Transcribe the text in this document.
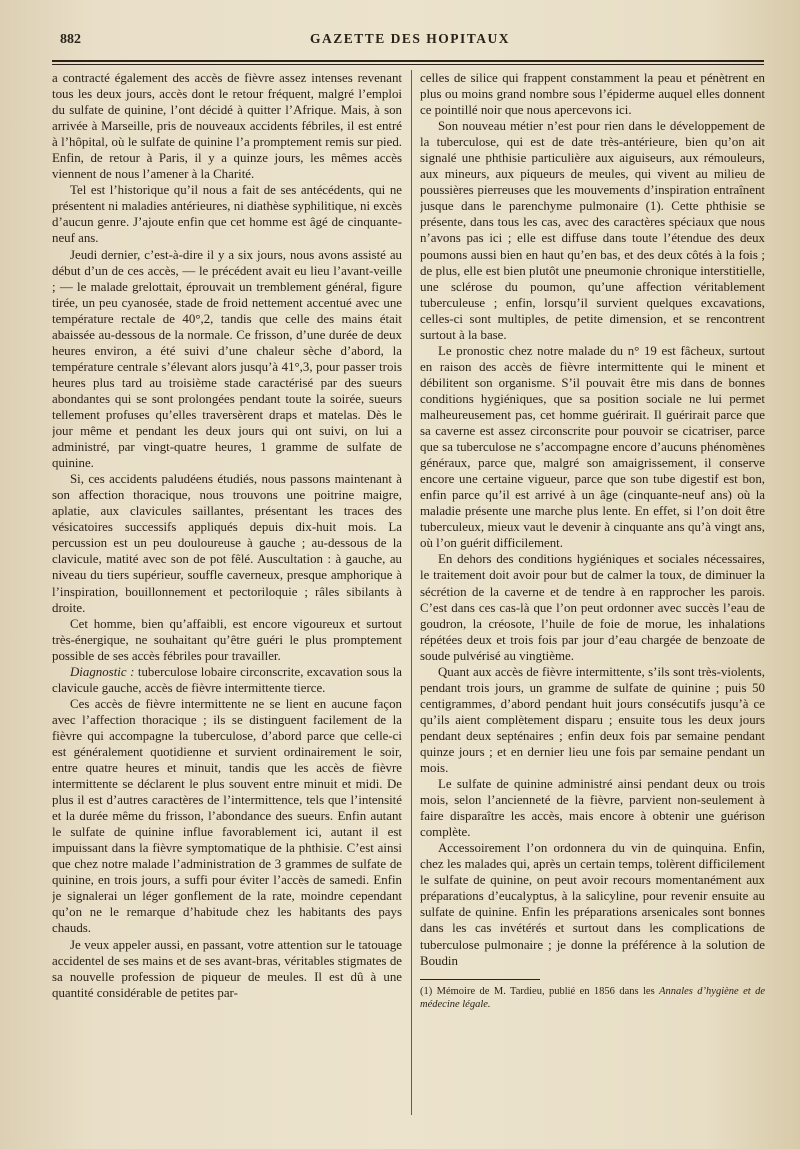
882	GAZETTE DES HOPITAUX

a contracté également des accès de fièvre assez intenses revenant tous les deux jours, accès dont le retour fréquent, malgré l’emploi du sulfate de quinine, l’ont décidé à quitter l’Afrique. Mais, à son arrivée à Marseille, pris de nouveaux accidents fébriles, il est entré à l’hôpital, où le sulfate de quinine l’a promptement remis sur pied. Enfin, de retour à Paris, il y a quinze jours, les mêmes accès viennent de nous l’amener à la Charité.

Tel est l’historique qu’il nous a fait de ses antécédents, qui ne présentent ni maladies antérieures, ni diathèse syphilitique, ni excès d’aucun genre. J’ajoute enfin que cet homme est âgé de cinquante-neuf ans.

Jeudi dernier, c’est-à-dire il y a six jours, nous avons assisté au début d’un de ces accès, — le précédent avait eu lieu l’avant-veille ; — le malade grelottait, éprouvait un tremblement général, figure tirée, un peu cyanosée, stade de froid nettement accentué avec une température rectale de 40°,2, tandis que celle des mains était abaissée au-dessous de la normale. Ce frisson, d’une durée de deux heures environ, a été suivi d’une chaleur sèche d’abord, la température centrale s’élevant alors jusqu’à 41°,3, pour passer trois heures plus tard au troisième stade caractérisé par des sueurs abondantes qui se sont prolongées pendant toute la soirée, sueurs tellement profuses qu’elles traversèrent draps et matelas. Dès le jour même et pendant les deux jours qui ont suivi, on lui a administré, par vingt-quatre heures, 1 gramme de sulfate de quinine.

Si, ces accidents paludéens étudiés, nous passons maintenant à son affection thoracique, nous trouvons une poitrine maigre, aplatie, aux clavicules saillantes, présentant les traces des vésicatoires successifs appliqués depuis dix-huit mois. La percussion est un peu douloureuse à gauche ; au-dessous de la clavicule, matité avec son de pot fêlé. Auscultation : à gauche, au niveau du tiers supérieur, souffle caverneux, presque amphorique à l’inspiration, bouillonnement et pectoriloquie ; râles sibilants à droite.

Cet homme, bien qu’affaibli, est encore vigoureux et surtout très-énergique, ne souhaitant qu’être guéri le plus promptement possible de ses accès fébriles pour travailler.

Diagnostic : tuberculose lobaire circonscrite, excavation sous la clavicule gauche, accès de fièvre intermittente tierce.

Ces accès de fièvre intermittente ne se lient en aucune façon avec l’affection thoracique ; ils se distinguent facilement de la fièvre qui accompagne la tuberculose, d’abord parce que celle-ci est généralement quotidienne et survient ordinairement le soir, entre quatre heures et minuit, tandis que les accès de fièvre intermittente se déclarent le plus souvent entre minuit et midi. De plus il est d’autres caractères de l’intermittence, tels que l’intensité et la durée même du frisson, l’abondance des sueurs. Enfin autant le sulfate de quinine influe favorablement ici, autant il est impuissant dans la fièvre symptomatique de la phthisie. C’est ainsi que chez notre malade l’administration de 3 grammes de sulfate de quinine, en trois jours, a suffi pour éviter l’accès de samedi. Enfin je signalerai un léger gonflement de la rate, moindre cependant qu’on ne le remarque d’habitude chez les habitants des pays chauds.

Je veux appeler aussi, en passant, votre attention sur le tatouage accidentel de ses mains et de ses avant-bras, véritables stigmates de sa nouvelle profession de piqueur de meules. Il est dû à une quantité considérable de petites par-

celles de silice qui frappent constamment la peau et pénètrent en plus ou moins grand nombre sous l’épiderme auquel elles donnent ce pointillé noir que nous apercevons ici.

Son nouveau métier n’est pour rien dans le développement de la tuberculose, qui est de date très-antérieure, bien qu’on ait signalé une phthisie particulière aux aiguiseurs, aux rémouleurs, aux mineurs, aux piqueurs de meules, qui vivent au milieu de poussières pierreuses que les mouvements d’inspiration entraînent jusque dans le parenchyme pulmonaire (1). Cette phthisie se présente, dans tous les cas, avec des caractères spéciaux que nous n’avons pas ici ; elle est diffuse dans toute l’étendue des deux poumons aussi bien en haut qu’en bas, et des deux côtés à la fois ; de plus, elle est bien plutôt une pneumonie chronique interstitielle, une sclérose du poumon, qu’une affection véritablement tuberculeuse ; enfin, lorsqu’il survient quelques excavations, celles-ci sont multiples, de petite dimension, et se rencontrent surtout à la base.

Le pronostic chez notre malade du n° 19 est fâcheux, surtout en raison des accès de fièvre intermittente qui le minent et débilitent son organisme. S’il pouvait être mis dans de bonnes conditions hygiéniques, que sa position sociale ne lui permet malheureusement pas, cet homme guérirait. Il guérirait parce que sa caverne est assez circonscrite pour pouvoir se cicatriser, parce que sa tuberculose ne s’accompagne encore d’aucuns phénomènes généraux, parce que, malgré son amaigrissement, il conserve encore une certaine vigueur, parce que son tube digestif est bon, enfin parce qu’il est arrivé à un âge (cinquante-neuf ans) où la maladie présente une marche plus lente. En effet, si l’on doit être tuberculeux, mieux vaut le devenir à cinquante ans qu’à vingt ans, où l’on guérit difficilement.

En dehors des conditions hygiéniques et sociales nécessaires, le traitement doit avoir pour but de calmer la toux, de diminuer la sécrétion de la caverne et de tendre à en rapprocher les parois. C’est dans ces cas-là que l’on peut ordonner avec succès l’eau de goudron, la créosote, l’huile de foie de morue, les inhalations répétées deux et trois fois par jour d’eau chargée de benzoate de soude pulvérisé au vingtième.

Quant aux accès de fièvre intermittente, s’ils sont très-violents, pendant trois jours, un gramme de sulfate de quinine ; puis 50 centigrammes, d’abord pendant huit jours consécutifs jusqu’à ce qu’ils aient complètement disparu ; ensuite tous les deux jours pendant deux septénaires ; enfin deux fois par semaine pendant quinze jours ; et en dernier lieu une fois par semaine pendant un mois.

Le sulfate de quinine administré ainsi pendant deux ou trois mois, selon l’ancienneté de la fièvre, parvient non-seulement à faire disparaître les accès, mais encore à obtenir une guérison complète.

Accessoirement l’on ordonnera du vin de quinquina. Enfin, chez les malades qui, après un certain temps, tolèrent difficilement le sulfate de quinine, on peut avoir recours momentanément aux préparations d’eucalyptus, à la salicyline, pour revenir ensuite au sulfate de quinine. Enfin les préparations arsenicales sont bonnes dans les cas invétérés et surtout dans les complications de tuberculose pulmonaire ; je donne la préférence à la solution de Boudin

(1) Mémoire de M. Tardieu, publié en 1856 dans les Annales d’hygiène et de médecine légale.
